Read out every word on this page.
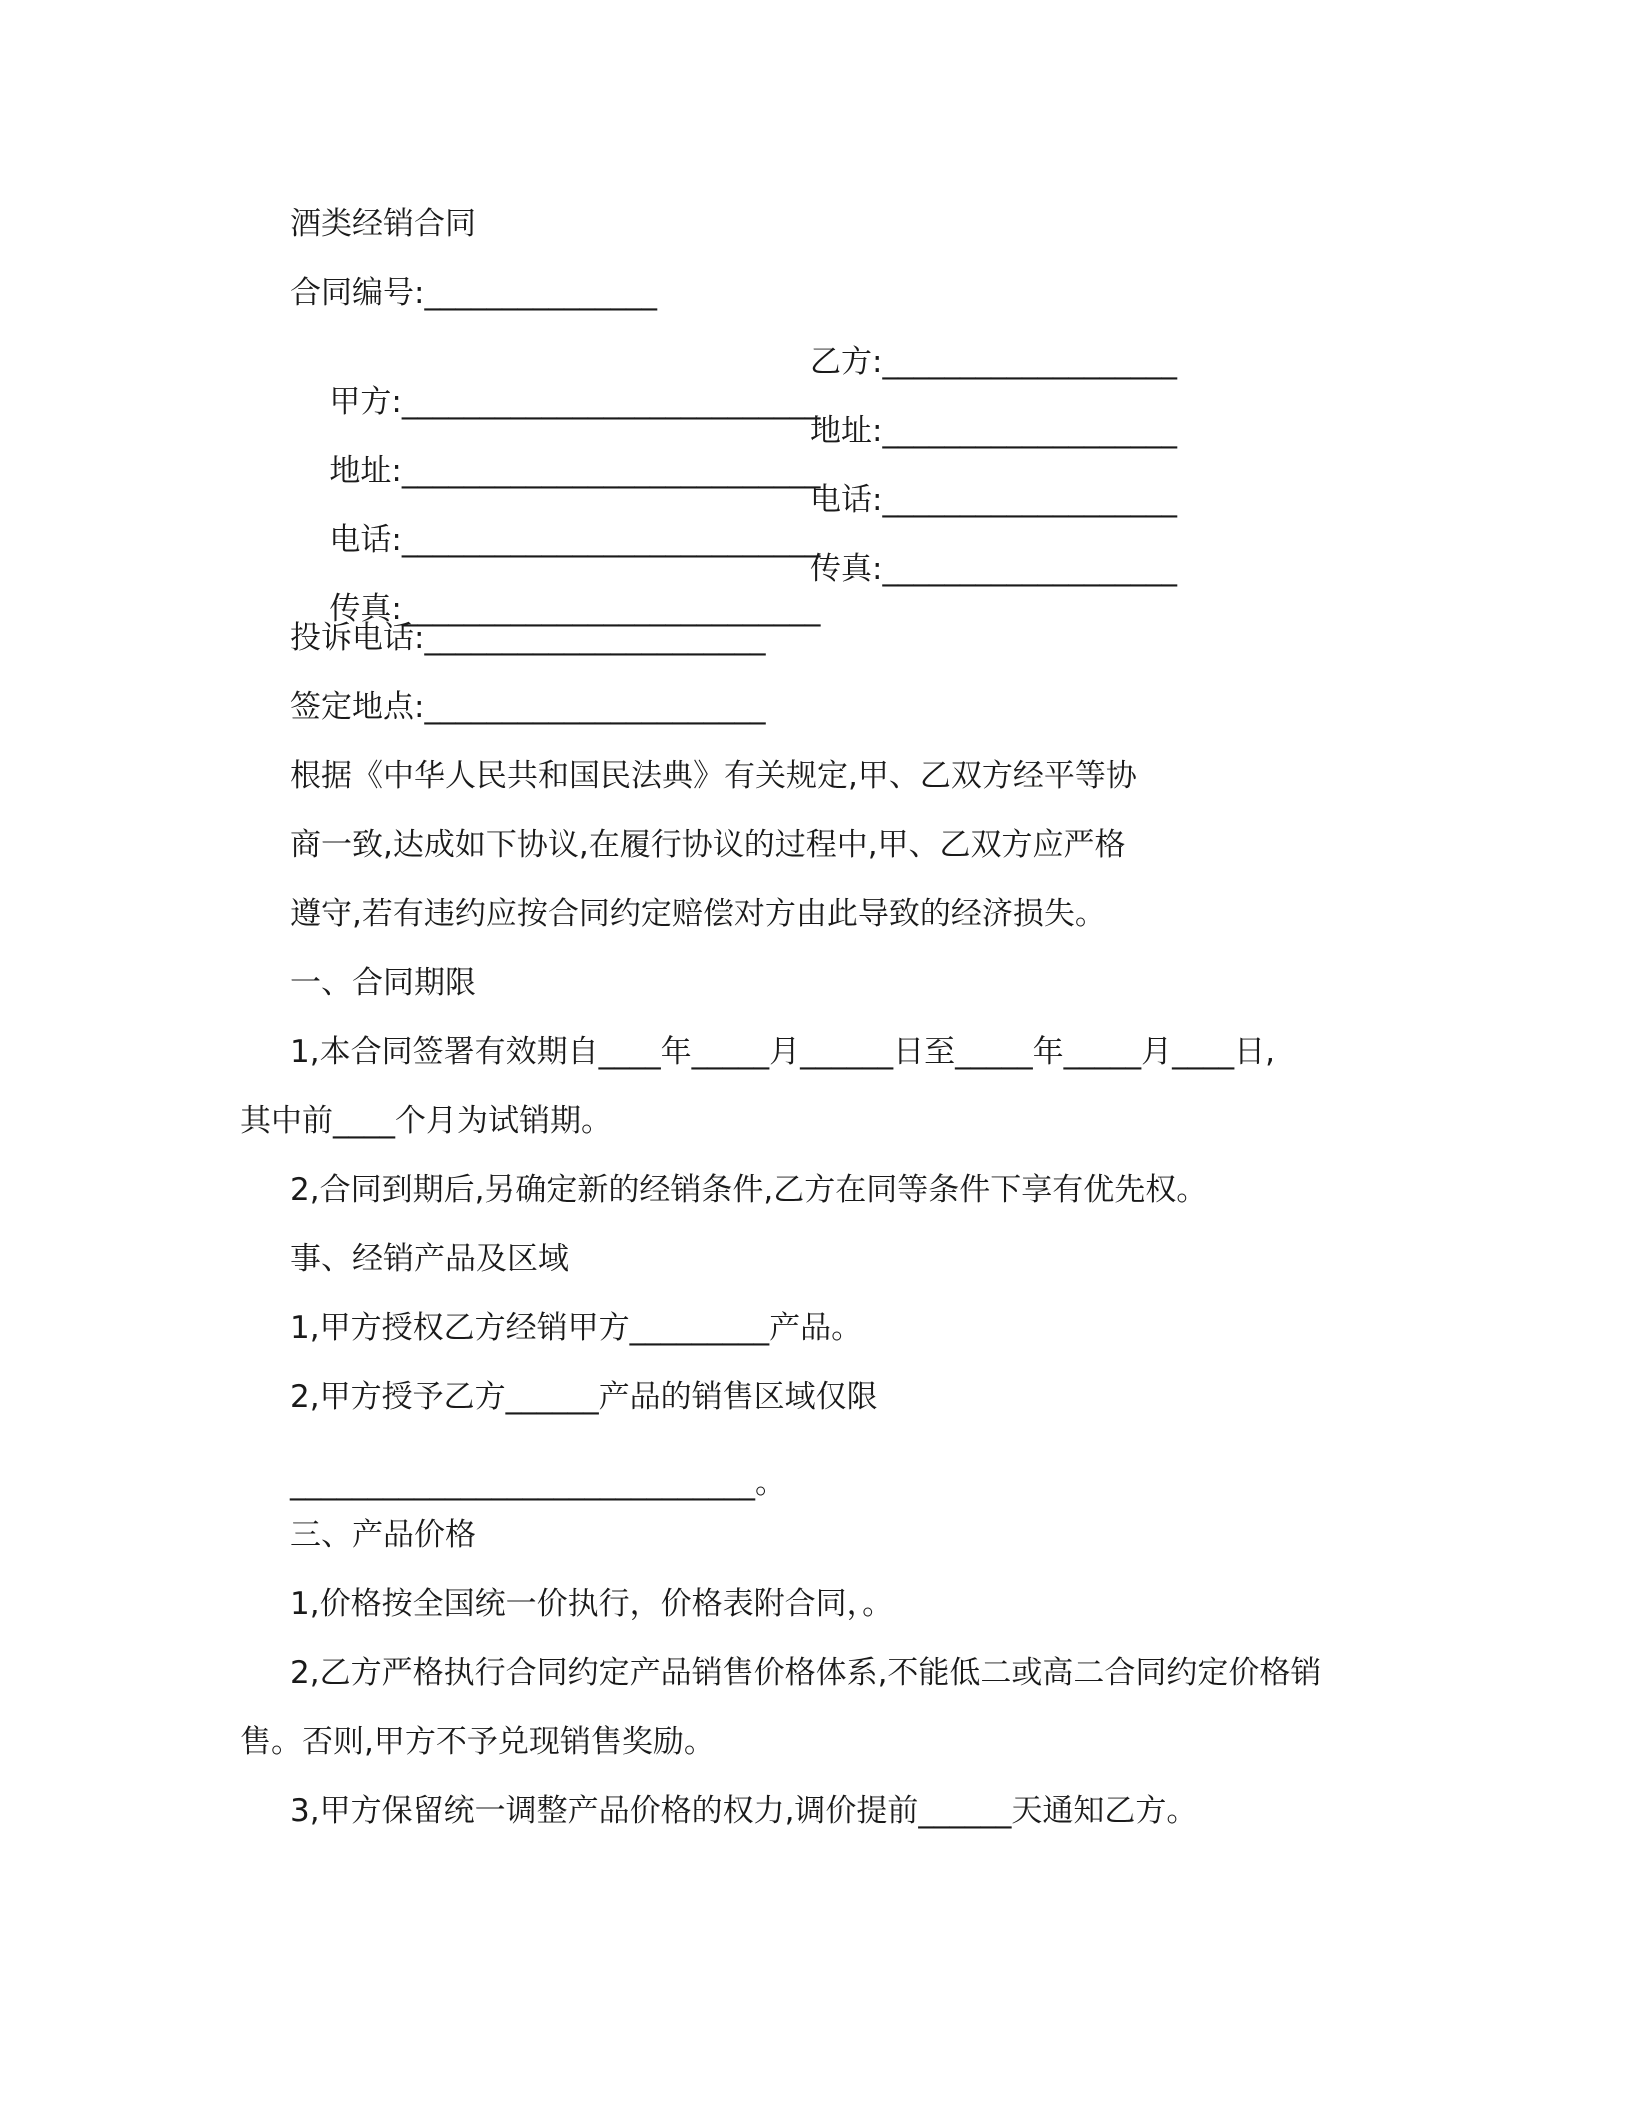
酒类经销合同
合同编号:_______________

甲方:___________________________

乙方:___________________

地址:___________________________

地址:___________________

电话:___________________________

电话:___________________

传真:___________________________

传真:___________________

投诉电话:______________________
签定地点:______________________
根据《中华人民共和国民法典》有关规定,甲、乙双方经平等协
商一致,达成如下协议,在履行协议的过程中,甲、乙双方应严格
遵守,若有违约应按合同约定赔偿对方由此导致的经济损失。
一、合同期限
1,本合同签署有效期自____年_____月______日至_____年_____月____日,
其中前____个月为试销期。
2,合同到期后,另确定新的经销条件,乙方在同等条件下享有优先权。
事、经销产品及区域
1,甲方授权乙方经销甲方_________产品。
2,甲方授予乙方______产品的销售区域仅限
______________________________。
三、产品价格
1,价格按全国统一价执行，价格表附合同，。
2,乙方严格执行合同约定产品销售价格体系,不能低二或高二合同约定价格销
售。否则,甲方不予兑现销售奖励。
3,甲方保留统一调整产品价格的权力,调价提前______天通知乙方。
